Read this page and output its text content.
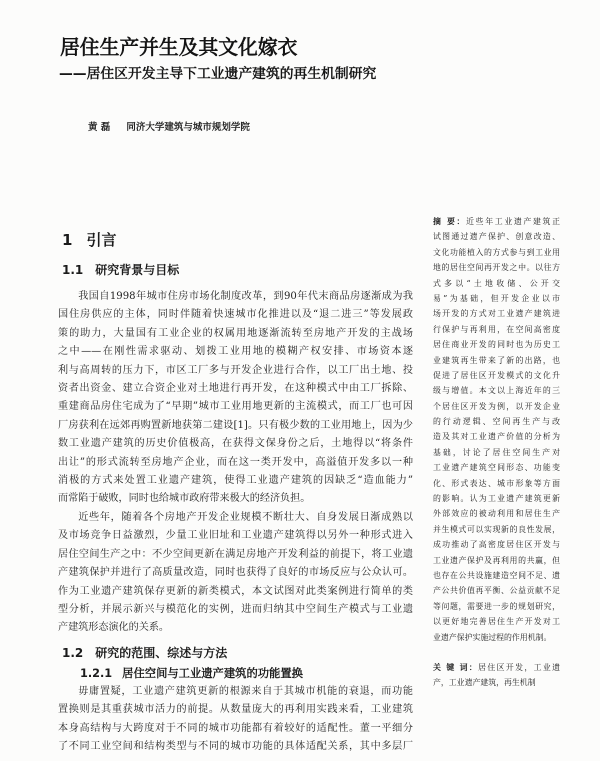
居住生产并生及其文化嫁衣
——居住区开发主导下工业遗产建筑的再生机制研究
黄 磊 同济大学建筑与城市规划学院
1 引言
1.1 研究背景与目标
我国自1998年城市住房市场化制度改革，到90年代末商品房逐渐成为我
国住房供应的主体，同时伴随着快速城市化推进以及“退二进三”等发展政
策的助力，大量国有工业企业的权属用地逐渐流转至房地产开发的主战场
之中——在刚性需求驱动、划拨工业用地的模糊产权安排、市场资本逐
利与高周转的压力下，市区工厂多与开发企业进行合作，以工厂出土地、投
资者出资金、建立合资企业对土地进行再开发，在这种模式中由工厂拆除、
重建商品房住宅成为了“早期”城市工业用地更新的主流模式，而工厂也可因
厂房获利在远郊再购置新地获第二建设[1]。只有极少数的工业用地上，因为少
数工业遗产建筑的历史价值极高，在获得文保身份之后，土地得以“将条件
出让”的形式流转至房地产企业，而在这一类开发中，高溢值开发多以一种
消极的方式来处置工业遗产建筑，使得工业遗产建筑的因缺乏“造血能力”
而常陷于破败，同时也给城市政府带来极大的经济负担。
近些年，随着各个房地产开发企业规模不断壮大、自身发展日渐成熟以
及市场竞争日益激烈，少量工业旧址和工业遗产建筑得以另外一种形式进入
居住空间生产之中：不少空间更新在满足房地产开发利益的前提下，将工业遗
产建筑保护并进行了高质量改造，同时也获得了良好的市场反应与公众认可。
作为工业遗产建筑保存更新的新类模式，本文试图对此类案例进行简单的类
型分析，并展示新兴与模范化的实例，进而归纳其中空间生产模式与工业遗
产建筑形态演化的关系。
1.2 研究的范围、综述与方法
1.2.1 居住空间与工业遗产建筑的功能置换
毋庸置疑，工业遗产建筑更新的根源来自于其城市机能的衰退，而功能
置换则是其重获城市活力的前提。从数量庞大的再利用实践来看，工业建筑
本身高结构与大跨度对于不同的城市功能都有着较好的适配性。董一平细分
了不同工业空间和结构类型与不同的城市功能的具体适配关系，其中多层厂
摘 要：近些年工业遗产建筑正
试图通过遗产保护、创意改造、
文化功能植入的方式参与到工业用
地的居住空间再开发之中。以往方
式多以“土地收储、公开交
易”为基础，但开发企业以市
场开发的方式对工业遗产建筑进
行保护与再利用，在空间高密度
居住商业开发的同时也为历史工
业建筑再生带来了新的出路，也
促进了居住区开发模式的文化升
级与增值。本文以上海近年的三
个居住区开发为例，以开发企业
的行动逻辑、空间再生产与改
造及其对工业遗产价值的分析为
基础，讨论了居住空间生产对
工业遗产建筑空间形态、功能变
化、形式表达、城市形象等方面
的影响。认为工业遗产建筑更新
外部效应的被动利用和居住生产
并生模式可以实现新的良性发展，
成功推动了高密度居住区开发与
工业遗产保护及再利用的共赢，但
也存在公共设施建造空间不足、遗
产公共价值再平衡、公益贡献不足
等问题，需要进一步的规划研究，
以更好地完善居住生产开发对工
业遗产保护实施过程的作用机制。
关 键 词：居住区开发，工业遗
产，工业遗产建筑，再生机制
